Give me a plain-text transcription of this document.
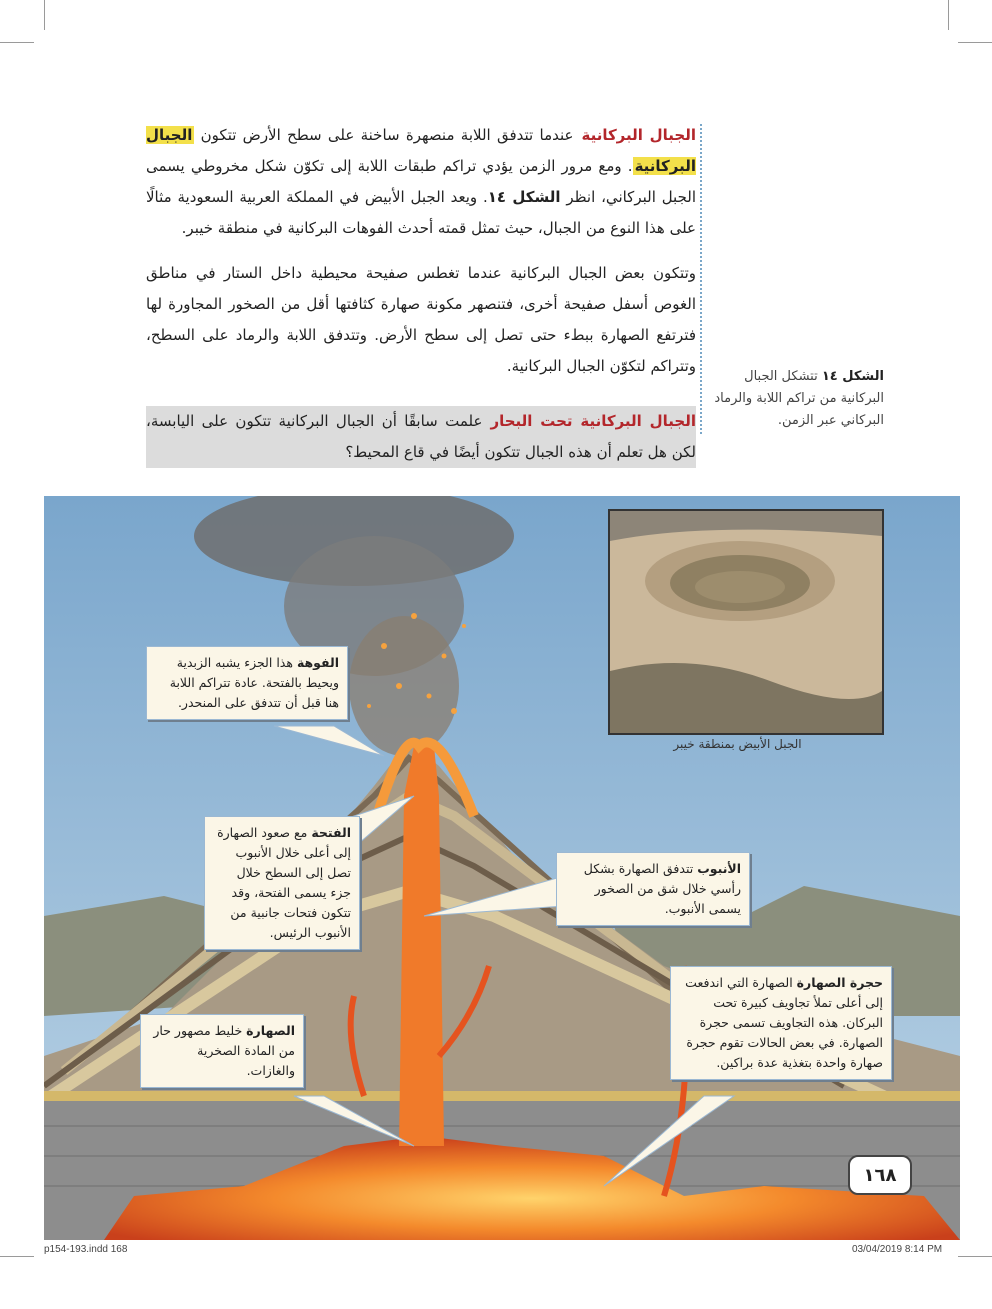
الجبال البركانيةعندما تتدفق اللابة منصهرة ساخنة على سطح الأرض تتكون الجبال البركانية. ومع مرور الزمن يؤدي تراكم طبقات اللابة إلى تكوّن شكل مخروطي يسمى الجبل البركاني، انظر الشكل ١٤. ويعد الجبل الأبيض في المملكة العربية السعودية مثالًا على هذا النوع من الجبال، حيث تمثل قمته أحدث الفوهات البركانية في منطقة خيبر.
وتتكون بعض الجبال البركانية عندما تغطس صفيحة محيطية داخل الستار في مناطق الغوص أسفل صفيحة أخرى، فتنصهر مكونة صهارة كثافتها أقل من الصخور المجاورة لها فترتفع الصهارة ببطء حتى تصل إلى سطح الأرض. وتتدفق اللابة والرماد على السطح، وتتراكم لتكوّن الجبال البركانية.
الجبال البركانية تحت البحارعلمت سابقًا أن الجبال البركانية تتكون على اليابسة، لكن هل تعلم أن هذه الجبال تتكون أيضًا في قاع المحيط؟
الشكل ١٤ تتشكل الجبال البركانية من تراكم اللابة والرماد البركاني عبر الزمن.
الجبل الأبيض بمنطقة خيبر
الفوهة هذا الجزء يشبه الزبدية ويحيط بالفتحة. عادة تتراكم اللابة هنا قبل أن تتدفق على المنحدر.
الفتحة مع صعود الصهارة إلى أعلى خلال الأنبوب تصل إلى السطح خلال جزء يسمى الفتحة، وقد تتكون فتحات جانبية من الأنبوب الرئيس.
الأنبوب تتدفق الصهارة بشكل رأسي خلال شق من الصخور يسمى الأنبوب.
حجرة الصهارة الصهارة التي اندفعت إلى أعلى تملأ تجاويف كبيرة تحت البركان. هذه التجاويف تسمى حجرة الصهارة. في بعض الحالات تقوم حجرة صهارة واحدة بتغذية عدة براكين.
الصهارة خليط مصهور حار من المادة الصخرية والغازات.
١٦٨
p154-193.indd 168	03/04/2019 8:14 PM
